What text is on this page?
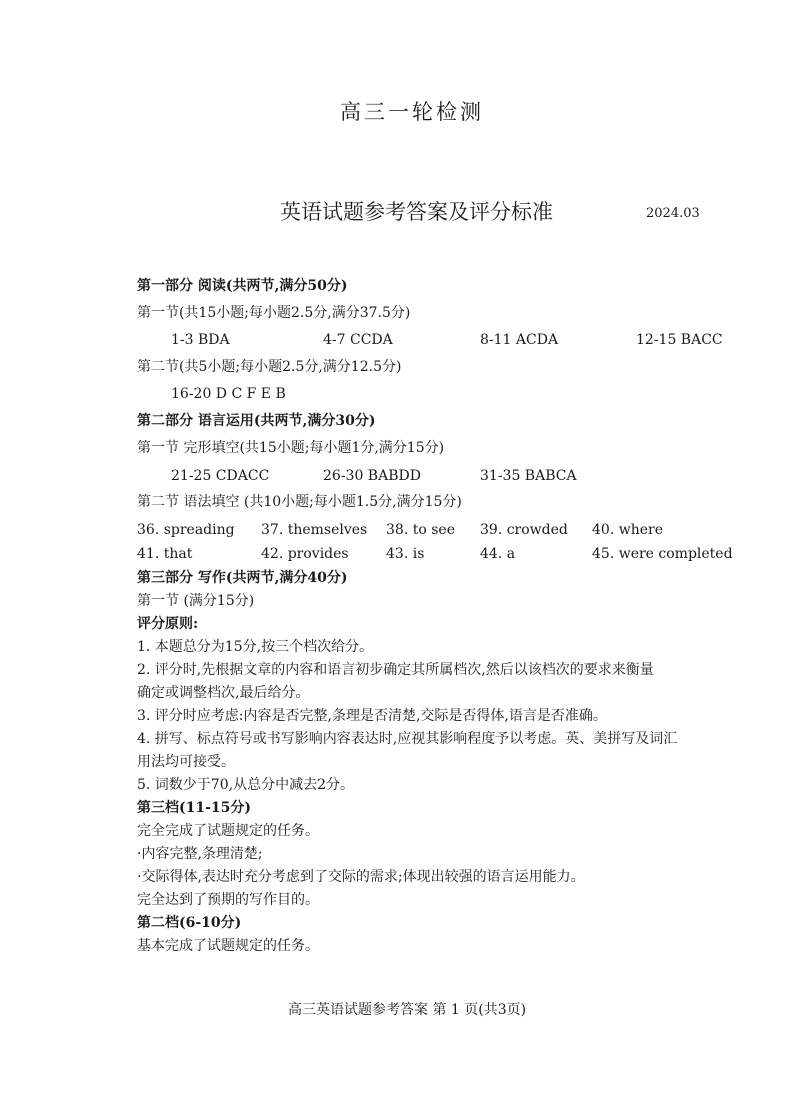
高三一轮检测
英语试题参考答案及评分标准	2024.03
第一部分 阅读(共两节,满分50分)
第一节(共15小题;每小题2.5分,满分37.5分)
1-3 BDA	4-7 CCDA	8-11 ACDA	12-15 BACC
第二节(共5小题;每小题2.5分,满分12.5分)
16-20 D C F E B
第二部分 语言运用(共两节,满分30分)
第一节 完形填空(共15小题;每小题1分,满分15分)
21-25 CDACC	26-30 BABDD	31-35 BABCA
第二节 语法填空 (共10小题;每小题1.5分,满分15分)
36. spreading 37. themselves 38. to see 39. crowded 40. where
41. that	42. provides	43. is	44. a	45. were completed
第三部分 写作(共两节,满分40分)
第一节 (满分15分)
评分原则:
1. 本题总分为15分,按三个档次给分。
2. 评分时,先根据文章的内容和语言初步确定其所属档次,然后以该档次的要求来衡量
确定或调整档次,最后给分。
3. 评分时应考虑:内容是否完整,条理是否清楚,交际是否得体,语言是否准确。
4. 拼写、标点符号或书写影响内容表达时,应视其影响程度予以考虑。英、美拼写及词汇
用法均可接受。
5. 词数少于70,从总分中减去2分。
第三档(11-15分)
完全完成了试题规定的任务。
·内容完整,条理清楚;
·交际得体,表达时充分考虑到了交际的需求;体现出较强的语言运用能力。
完全达到了预期的写作目的。
第二档(6-10分)
基本完成了试题规定的任务。
高三英语试题参考答案 第 1 页(共3页)
